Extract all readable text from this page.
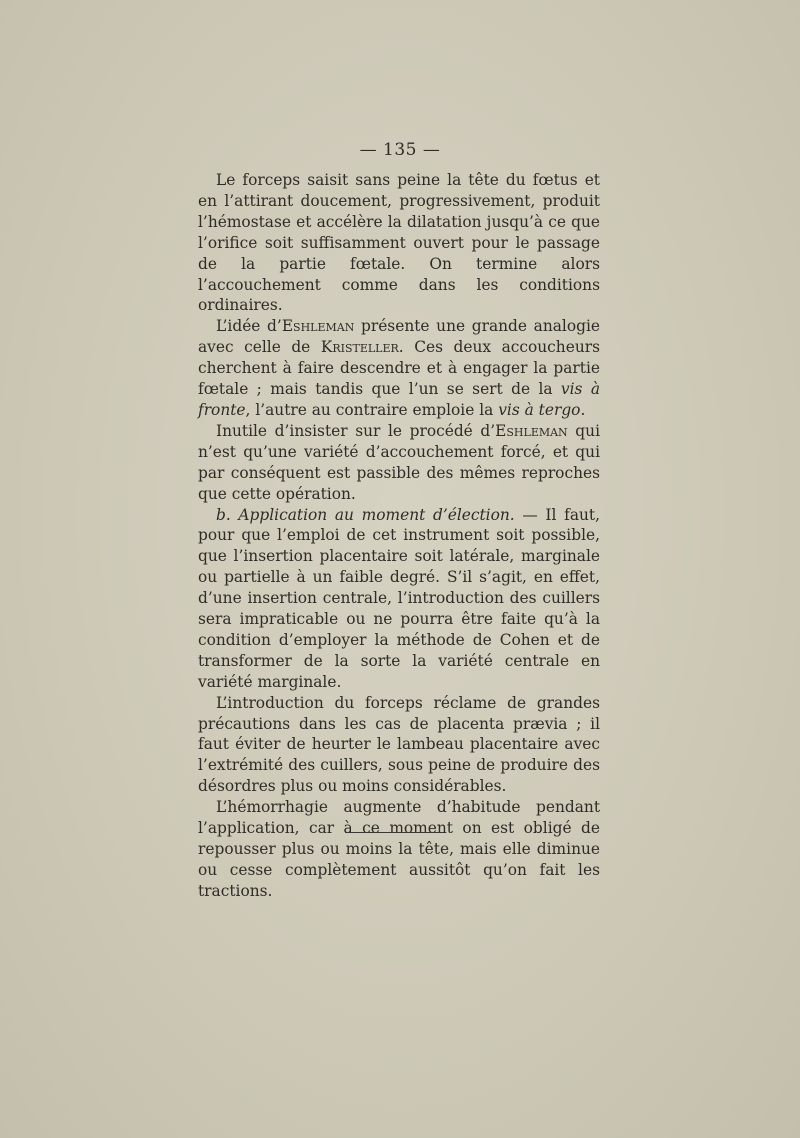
— 135 —

Le forceps saisit sans peine la tête du fœtus et en l’attirant doucement, progressivement, produit l’hémostase et accélère la dilatation jusqu’à ce que l’orifice soit suffisamment ouvert pour le passage de la partie fœtale. On termine alors l’accouchement comme dans les conditions ordinaires.

L’idée d’Eshleman présente une grande analogie avec celle de Kristeller. Ces deux accoucheurs cherchent à faire descendre et à engager la partie fœtale ; mais tandis que l’un se sert de la vis à fronte, l’autre au contraire emploie la vis à tergo.

Inutile d’insister sur le procédé d’Eshleman qui n’est qu’une variété d’accouchement forcé, et qui par conséquent est passible des mêmes reproches que cette opération.

b. Application au moment d’élection. — Il faut, pour que l’emploi de cet instrument soit possible, que l’insertion placentaire soit latérale, marginale ou partielle à un faible degré. S’il s’agit, en effet, d’une insertion centrale, l’introduction des cuillers sera impraticable ou ne pourra être faite qu’à la condition d’employer la méthode de Cohen et de transformer de la sorte la variété centrale en variété marginale.

L’introduction du forceps réclame de grandes précautions dans les cas de placenta prævia ; il faut éviter de heurter le lambeau placentaire avec l’extrémité des cuillers, sous peine de produire des désordres plus ou moins considérables.

L’hémorrhagie augmente d’habitude pendant l’application, car à ce moment on est obligé de repousser plus ou moins la tête, mais elle diminue ou cesse complètement aussitôt qu’on fait les tractions.
